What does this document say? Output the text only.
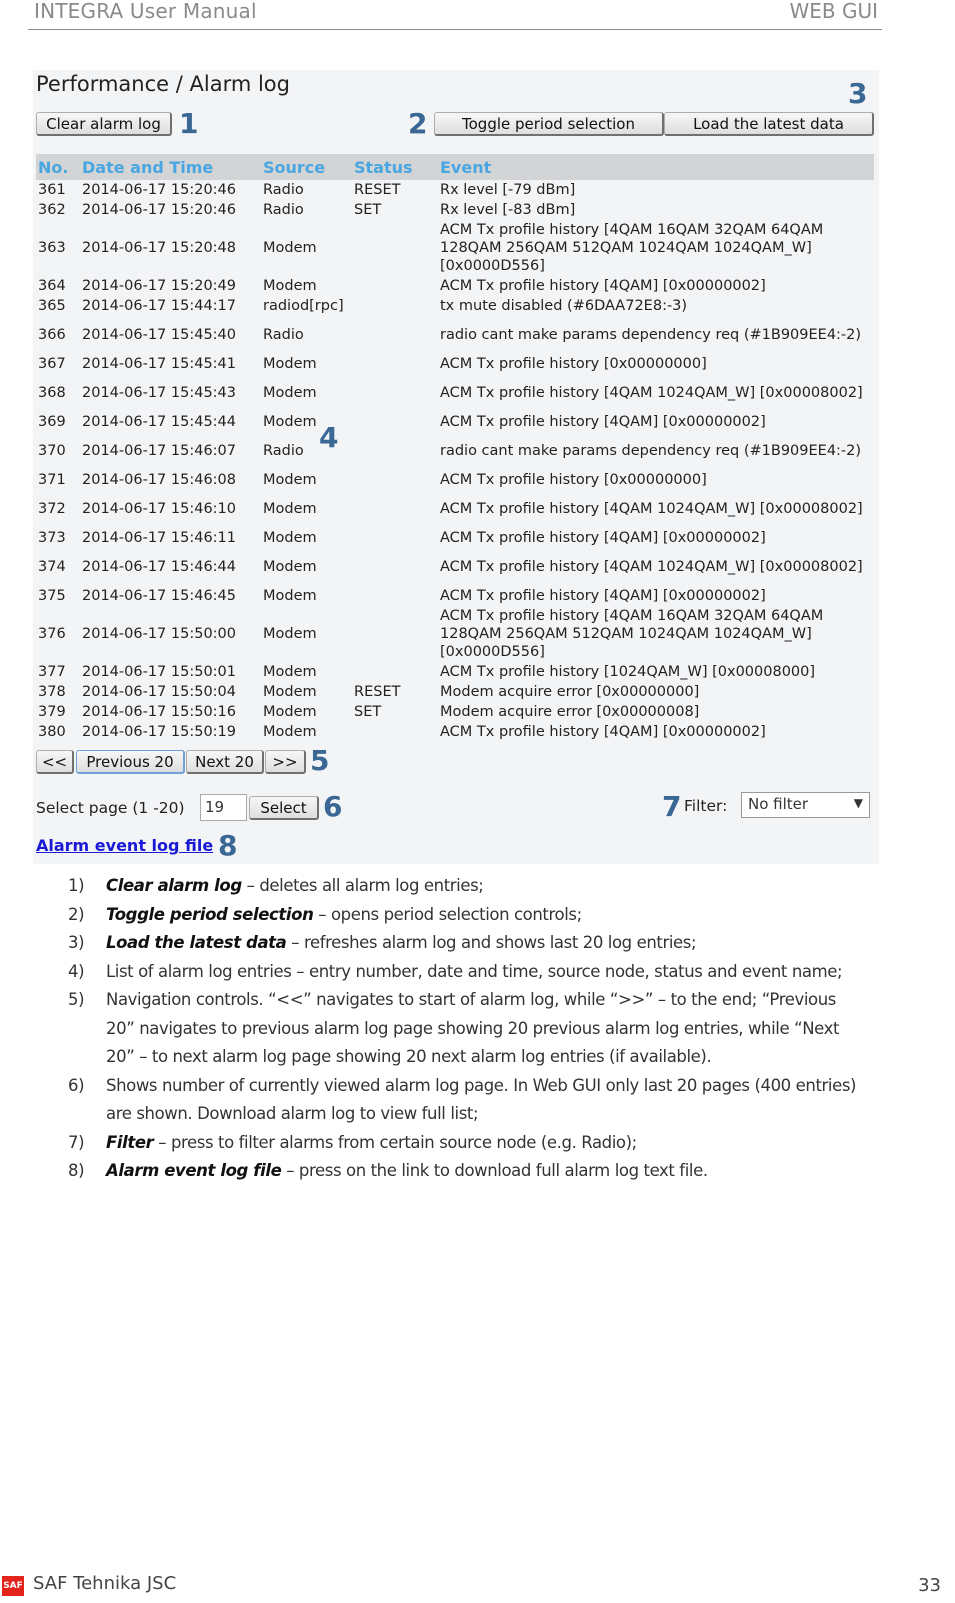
INTEGRA User Manual	WEB GUI
Performance / Alarm log
Clear alarm log 1	2	Toggle period selection	Load the latest data
3
No.	Date and Time	Source	Status	Event
361	2014-06-17 15:20:46	Radio	RESET	Rx level [-79 dBm]
362	2014-06-17 15:20:46	Radio	SET	Rx level [-83 dBm]
363	2014-06-17 15:20:48	Modem		ACM Tx profile history [4QAM 16QAM 32QAM 64QAM 128QAM 256QAM 512QAM 1024QAM 1024QAM_W] [0x0000D556]
364	2014-06-17 15:20:49	Modem		ACM Tx profile history [4QAM] [0x00000002]
365	2014-06-17 15:44:17	radiod[rpc]		tx mute disabled (#6DAA72E8:-3)
366	2014-06-17 15:45:40	Radio		radio cant make params dependency req (#1B909EE4:-2)
367	2014-06-17 15:45:41	Modem		ACM Tx profile history [0x00000000]
368	2014-06-17 15:45:43	Modem		ACM Tx profile history [4QAM 1024QAM_W] [0x00008002]
369	2014-06-17 15:45:44	Modem		ACM Tx profile history [4QAM] [0x00000002]
370	2014-06-17 15:46:07	Radio		radio cant make params dependency req (#1B909EE4:-2)
371	2014-06-17 15:46:08	Modem		ACM Tx profile history [0x00000000]
372	2014-06-17 15:46:10	Modem		ACM Tx profile history [4QAM 1024QAM_W] [0x00008002]
373	2014-06-17 15:46:11	Modem		ACM Tx profile history [4QAM] [0x00000002]
374	2014-06-17 15:46:44	Modem		ACM Tx profile history [4QAM 1024QAM_W] [0x00008002]
375	2014-06-17 15:46:45	Modem		ACM Tx profile history [4QAM] [0x00000002]
376	2014-06-17 15:50:00	Modem		ACM Tx profile history [4QAM 16QAM 32QAM 64QAM 128QAM 256QAM 512QAM 1024QAM 1024QAM_W] [0x0000D556]
377	2014-06-17 15:50:01	Modem		ACM Tx profile history [1024QAM_W] [0x00008000]
378	2014-06-17 15:50:04	Modem	RESET	Modem acquire error [0x00000000]
379	2014-06-17 15:50:16	Modem	SET	Modem acquire error [0x00000008]
380	2014-06-17 15:50:19	Modem		ACM Tx profile history [4QAM] [0x00000002]
4
<<	Previous 20	Next 20	>> 5
Select page (1 -20)	19	Select 6	7 Filter:	No filter	▼
Alarm event log file 8
1)	Clear alarm log – deletes all alarm log entries;
2)	Toggle period selection – opens period selection controls;
3)	Load the latest data – refreshes alarm log and shows last 20 log entries;
4)	List of alarm log entries – entry number, date and time, source node, status and event name;
5)	Navigation controls. “<<” navigates to start of alarm log, while “>>” – to the end; “Previous 20” navigates to previous alarm log page showing 20 previous alarm log entries, while “Next 20” – to next alarm log page showing 20 next alarm log entries (if available).
6)	Shows number of currently viewed alarm log page. In Web GUI only last 20 pages (400 entries) are shown. Download alarm log to view full list;
7)	Filter – press to filter alarms from certain source node (e.g. Radio);
8)	Alarm event log file – press on the link to download full alarm log text file.
SAF SAF Tehnika JSC	33
